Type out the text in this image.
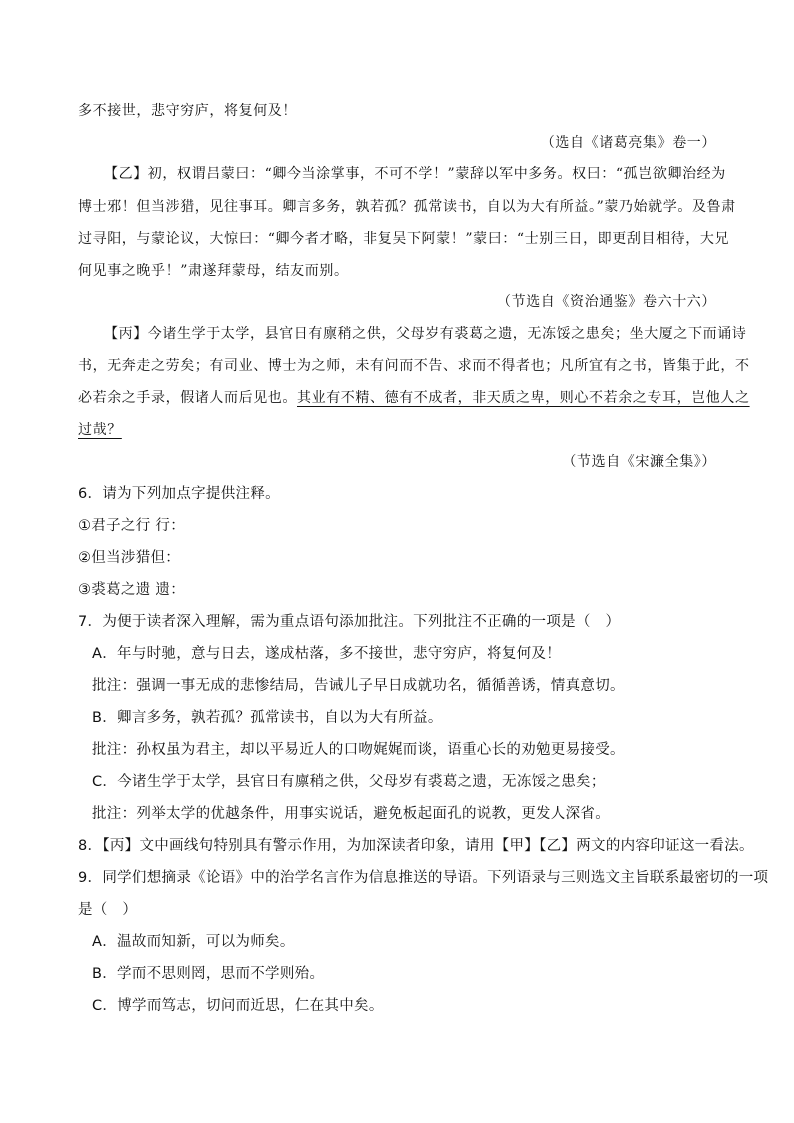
多不接世，悲守穷庐，将复何及！
（选自《诸葛亮集》卷一）
【乙】初，权谓吕蒙曰：“卿今当涂掌事，不可不学！”蒙辞以军中多务。权曰：“孤岂欲卿治经为
博士邪！但当涉猎，见往事耳。卿言多务，孰若孤？孤常读书，自以为大有所益。”蒙乃始就学。及鲁肃
过寻阳，与蒙论议，大惊曰：“卿今者才略，非复吴下阿蒙！”蒙曰：“士别三日，即更刮目相待，大兄
何见事之晚乎！”肃遂拜蒙母，结友而别。
（节选自《资治通鉴》卷六十六）
【丙】今诸生学于太学，县官日有廪稍之供，父母岁有裘葛之遗，无冻馁之患矣；坐大厦之下而诵诗
书，无奔走之劳矣；有司业、博士为之师，未有问而不告、求而不得者也；凡所宜有之书，皆集于此，不
必若余之手录，假诸人而后见也。其业有不精、德有不成者，非天质之卑，则心不若余之专耳，岂他人之
过哉？
（节选自《宋濂全集》）
6．请为下列加点字提供注释。
①君子之行 行：
②但当涉猎但：
③裘葛之遗 遗：
7．为便于读者深入理解，需为重点语句添加批注。下列批注不正确的一项是（　）
A．年与时驰，意与日去，遂成枯落，多不接世，悲守穷庐，将复何及！
批注：强调一事无成的悲惨结局，告诫儿子早日成就功名，循循善诱，情真意切。
B．卿言多务，孰若孤？孤常读书，自以为大有所益。
批注：孙权虽为君主，却以平易近人的口吻娓娓而谈，语重心长的劝勉更易接受。
C．今诸生学于太学，县官日有廪稍之供，父母岁有裘葛之遗，无冻馁之患矣；
批注：列举太学的优越条件，用事实说话，避免板起面孔的说教，更发人深省。
8．【丙】文中画线句特别具有警示作用，为加深读者印象，请用【甲】【乙】两文的内容印证这一看法。
9．同学们想摘录《论语》中的治学名言作为信息推送的导语。下列语录与三则选文主旨联系最密切的一项
是（　）
A．温故而知新，可以为师矣。
B．学而不思则罔，思而不学则殆。
C．博学而笃志，切问而近思，仁在其中矣。
